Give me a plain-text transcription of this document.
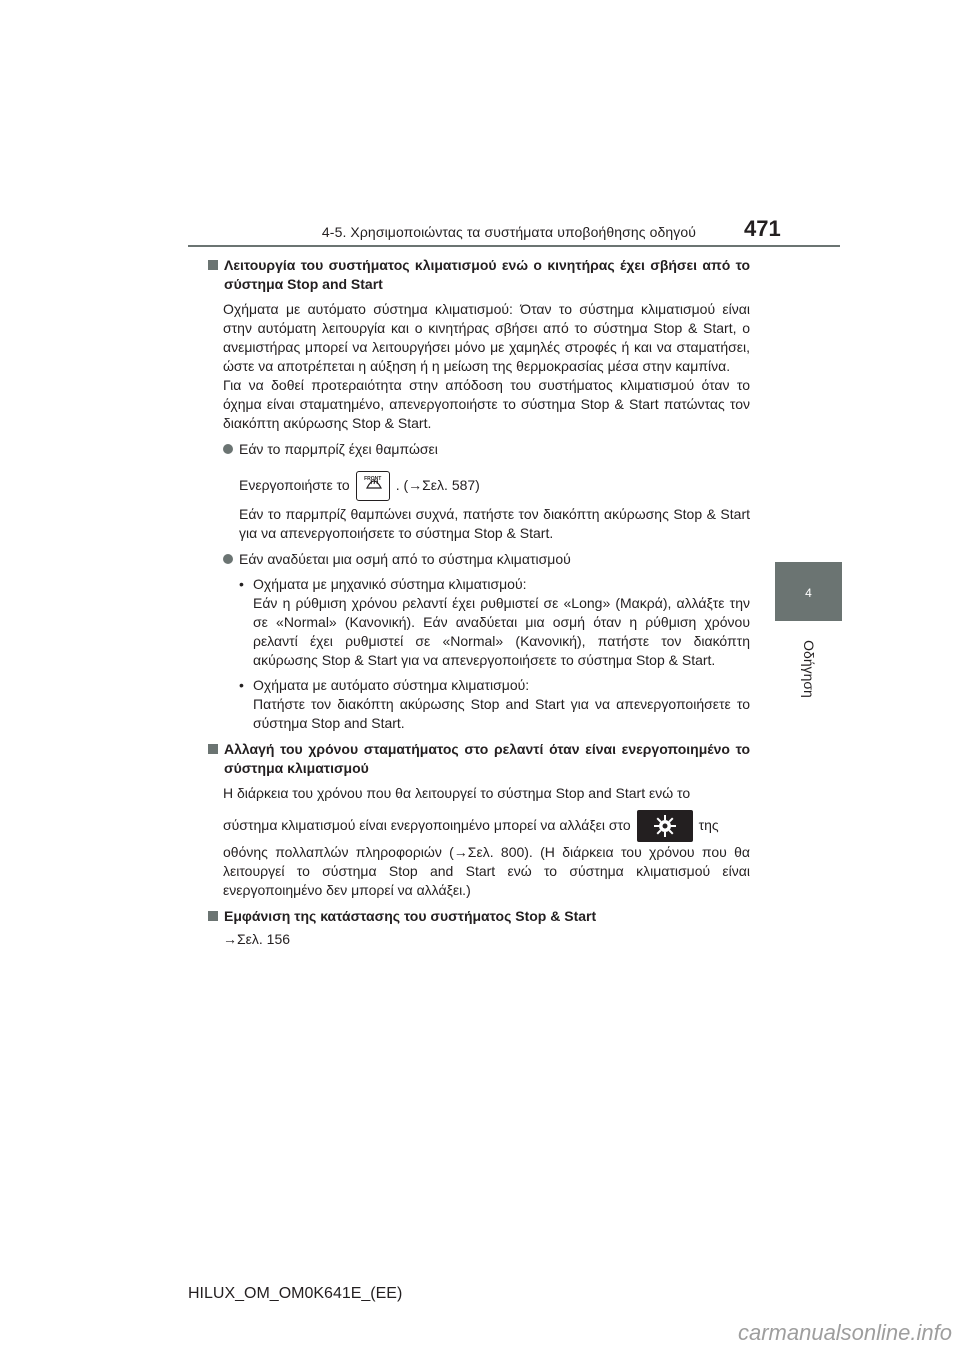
4-5. Χρησιμοποιώντας τα συστήματα υποβοήθησης οδηγού 471
4
Οδήγηση
Λειτουργία του συστήματος κλιματισμού ενώ ο κινητήρας έχει σβήσει από το σύστημα Stop and Start
Οχήματα με αυτόματο σύστημα κλιματισμού: Όταν το σύστημα κλιματισμού είναι στην αυτόματη λειτουργία και ο κινητήρας σβήσει από το σύστημα Stop & Start, ο ανεμιστήρας μπορεί να λειτουργήσει μόνο με χαμηλές στροφές ή και να σταματήσει, ώστε να αποτρέπεται η αύξηση ή η μείωση της θερμοκρασίας μέσα στην καμπίνα.
Για να δοθεί προτεραιότητα στην απόδοση του συστήματος κλιματισμού όταν το όχημα είναι σταματημένο, απενεργοποιήστε το σύστημα Stop & Start πατώντας τον διακόπτη ακύρωσης Stop & Start.
Εάν το παρμπρίζ έχει θαμπώσει
Ενεργοποιήστε το	FRONT	. (→Σελ. 587)
Εάν το παρμπρίζ θαμπώνει συχνά, πατήστε τον διακόπτη ακύρωσης Stop & Start για να απενεργοποιήσετε το σύστημα Stop & Start.
Εάν αναδύεται μια οσμή από το σύστημα κλιματισμού
• Οχήματα με μηχανικό σύστημα κλιματισμού:
Εάν η ρύθμιση χρόνου ρελαντί έχει ρυθμιστεί σε «Long» (Μακρά), αλλάξτε την σε «Normal» (Κανονική). Εάν αναδύεται μια οσμή όταν η ρύθμιση χρόνου ρελαντί έχει ρυθμιστεί σε «Normal» (Κανονική), πατήστε τον διακόπτη ακύρωσης Stop & Start για να απενεργοποιήσετε το σύστημα Stop & Start.
• Οχήματα με αυτόματο σύστημα κλιματισμού:
Πατήστε τον διακόπτη ακύρωσης Stop and Start για να απενεργοποιήσετε το σύστημα Stop and Start.
Αλλαγή του χρόνου σταματήματος στο ρελαντί όταν είναι ενεργοποιημένο το σύστημα κλιματισμού
Η διάρκεια του χρόνου που θα λειτουργεί το σύστημα Stop and Start ενώ το
σύστημα κλιματισμού είναι ενεργοποιημένο μπορεί να αλλάξει στο	της
οθόνης πολλαπλών πληροφοριών (→Σελ. 800). (Η διάρκεια του χρόνου που θα λειτουργεί το σύστημα Stop and Start ενώ το σύστημα κλιματισμού είναι ενεργοποιημένο δεν μπορεί να αλλάξει.)
Εμφάνιση της κατάστασης του συστήματος Stop & Start
→Σελ. 156
HILUX_OM_OM0K641E_(EE)
carmanualsonline.info
